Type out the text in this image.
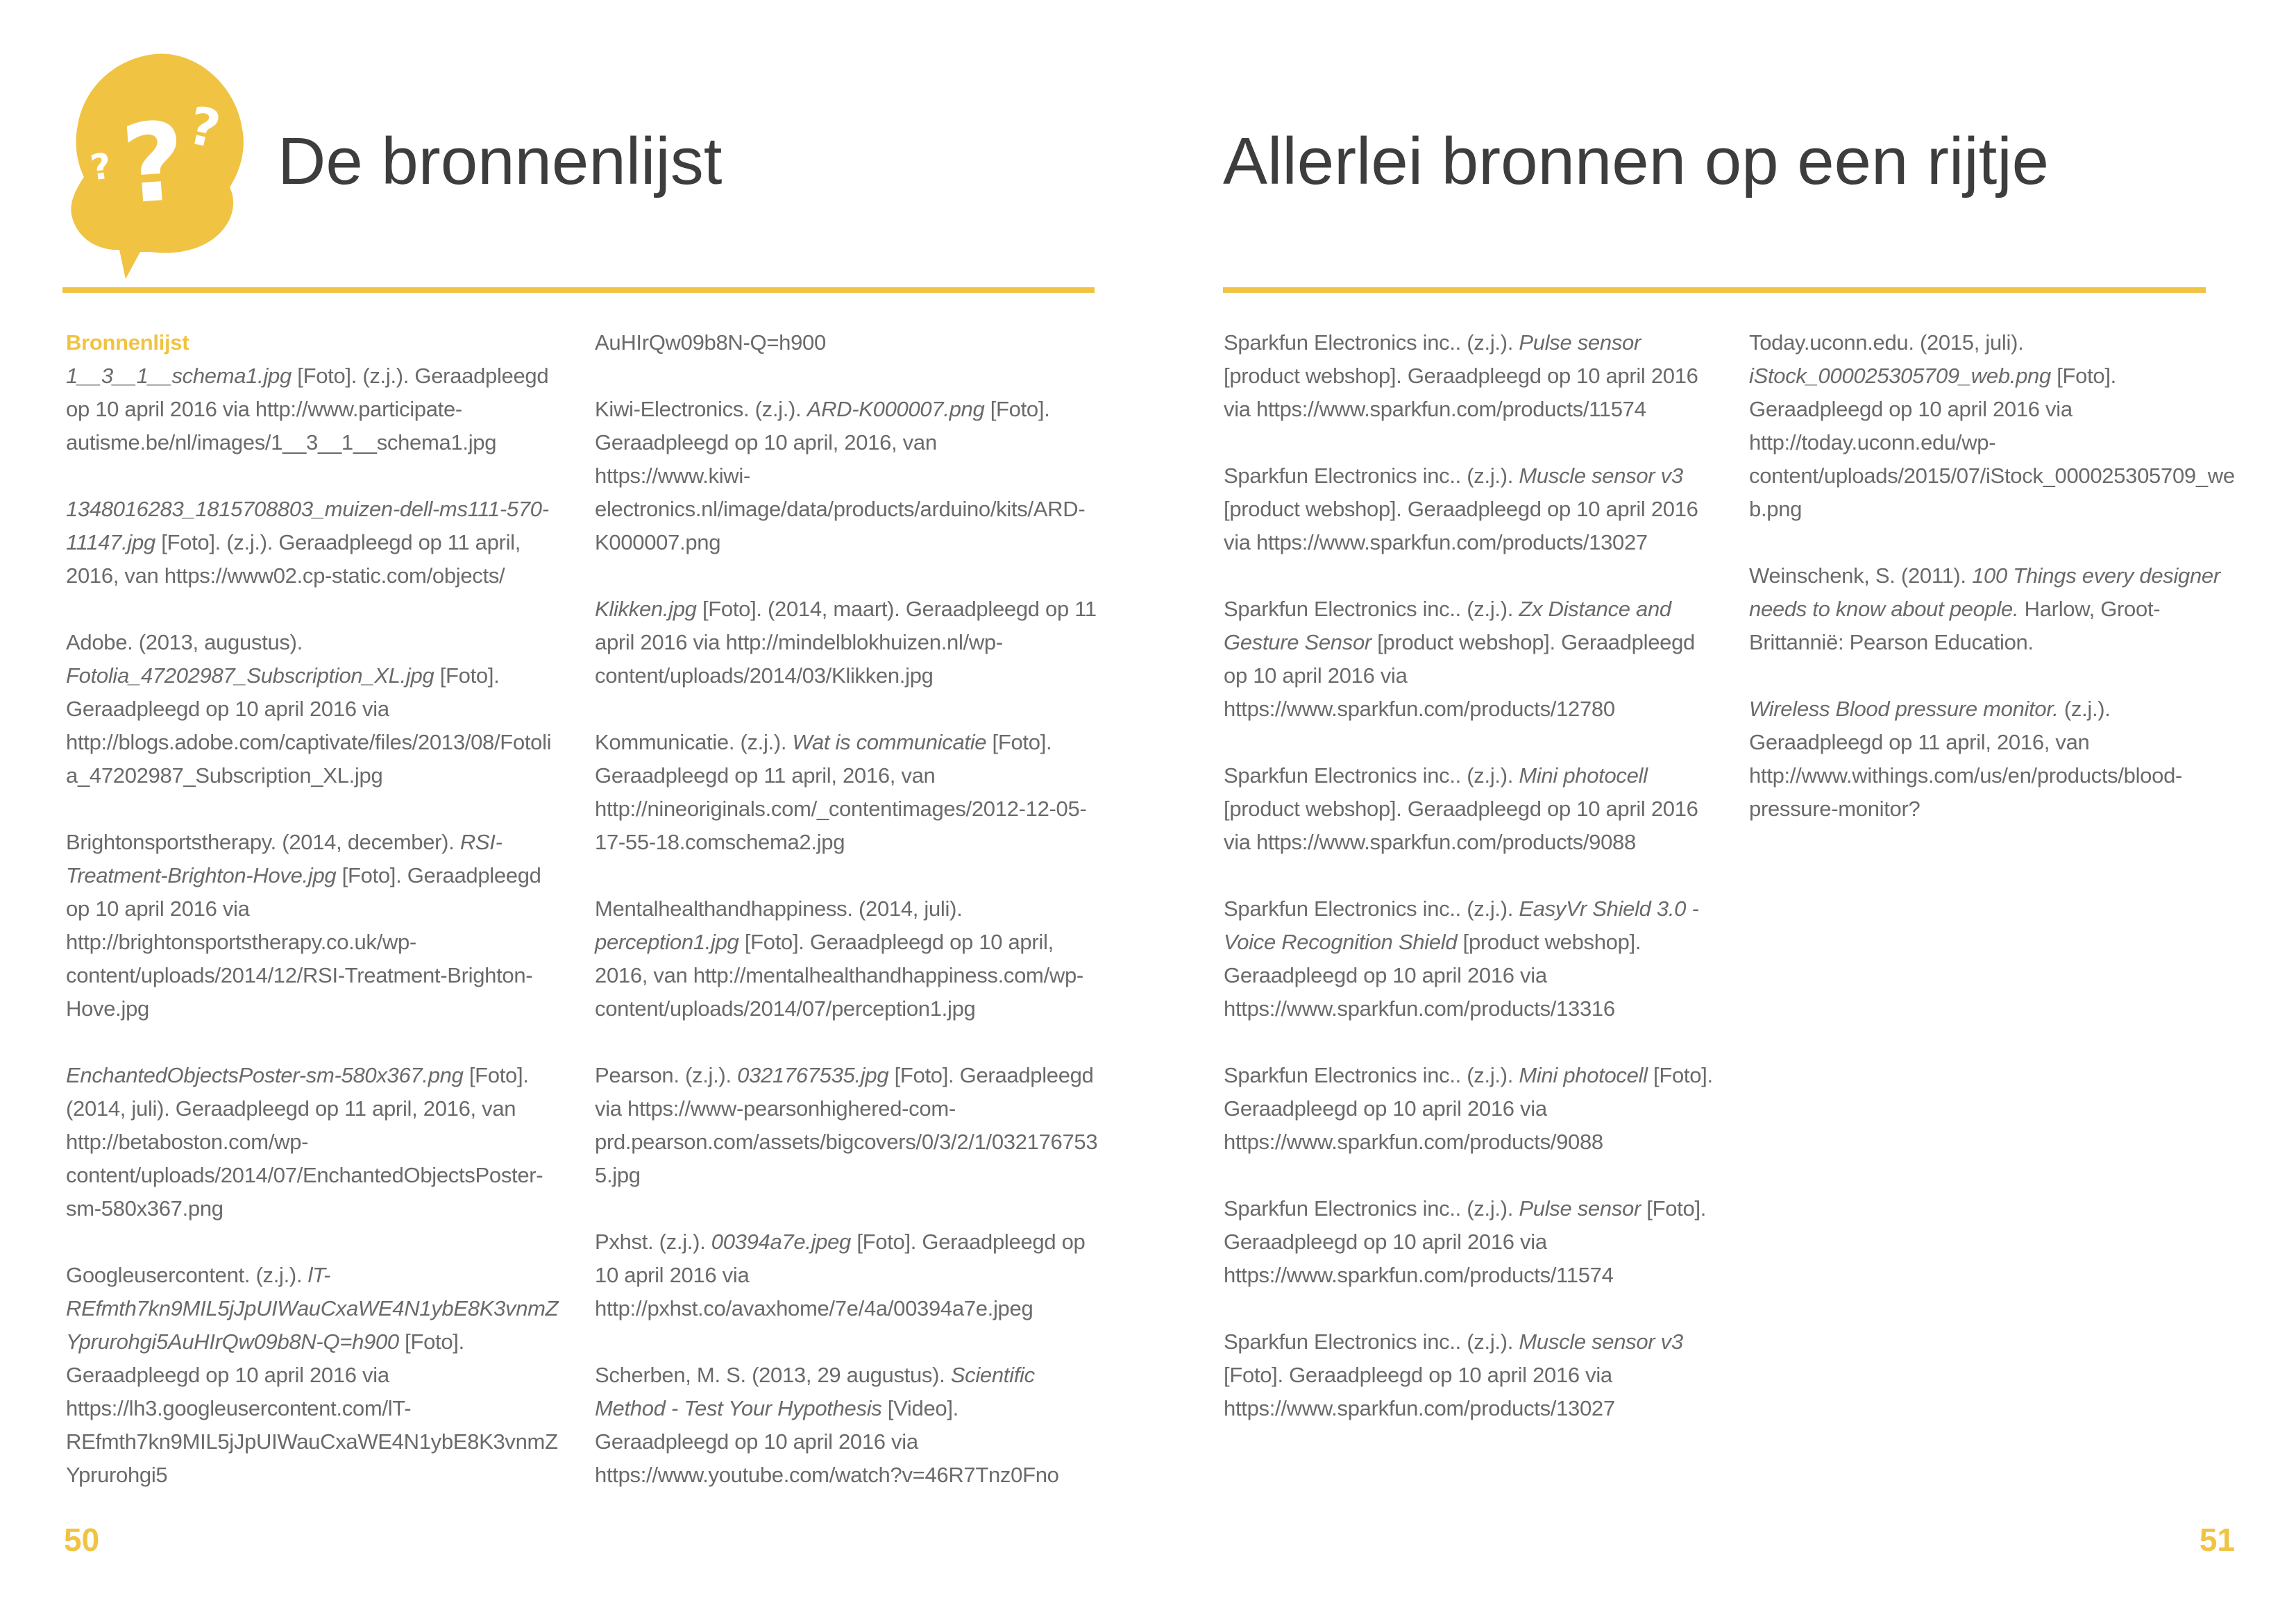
?
?
? De bronnenlijst

Bronnenlijst

1__3__1__schema1.jpg [Foto]. (z.j.). Geraadpleegd op 10 april 2016 via http://www.participate-autisme.be/nl/images/1__3__1__schema1.jpg

1348016283_1815708803_muizen-dell-ms111-570-11147.jpg [Foto]. (z.j.). Geraadpleegd op 11 april, 2016, van https://www02.cp-static.com/objects/

Adobe. (2013, augustus). Fotolia_47202987_Subscription_XL.jpg [Foto]. Geraadpleegd op 10 april 2016 via http://blogs.adobe.com/captivate/files/2013/08/Fotolia_47202987_Subscription_XL.jpg

Brightonsportstherapy. (2014, december). RSI-Treatment-Brighton-Hove.jpg [Foto]. Geraadpleegd op 10 april 2016 via http://brightonsportstherapy.co.uk/wp-content/uploads/2014/12/RSI-Treatment-Brighton-Hove.jpg

EnchantedObjectsPoster-sm-580x367.png [Foto]. (2014, juli). Geraadpleegd op 11 april, 2016, van http://betaboston.com/wp-content/uploads/2014/07/EnchantedObjectsPoster-sm-580x367.png

Googleusercontent. (z.j.). lT-REfmth7kn9MIL5jJpUIWauCxaWE4N1ybE8K3vnmZYprurohgi5AuHIrQw09b8N-Q=h900 [Foto]. Geraadpleegd op 10 april 2016 via https://lh3.googleusercontent.com/lT-REfmth7kn9MIL5jJpUIWauCxaWE4N1ybE8K3vnmZYprurohgi5

AuHIrQw09b8N-Q=h900

Kiwi-Electronics. (z.j.). ARD-K000007.png [Foto]. Geraadpleegd op 10 april, 2016, van https://www.kiwi-electronics.nl/image/data/products/arduino/kits/ARD-K000007.png

Klikken.jpg [Foto]. (2014, maart). Geraadpleegd op 11 april 2016 via http://mindelblokhuizen.nl/wp-content/uploads/2014/03/Klikken.jpg

Kommunicatie. (z.j.). Wat is communicatie [Foto]. Geraadpleegd op 11 april, 2016, van http://nineoriginals.com/_contentimages/2012-12-05-17-55-18.comschema2.jpg

Mentalhealthandhappiness. (2014, juli). perception1.jpg [Foto]. Geraadpleegd op 10 april, 2016, van http://mentalhealthandhappiness.com/wp-content/uploads/2014/07/perception1.jpg

Pearson. (z.j.). 0321767535.jpg [Foto]. Geraadpleegd via https://www-pearsonhighered-com-prd.pearson.com/assets/bigcovers/0/3/2/1/0321767535.jpg

Pxhst. (z.j.). 00394a7e.jpeg [Foto]. Geraadpleegd op 10 april 2016 via http://pxhst.co/avaxhome/7e/4a/00394a7e.jpeg

Scherben, M. S. (2013, 29 augustus). Scientific Method - Test Your Hypothesis [Video]. Geraadpleegd op 10 april 2016 via https://www.youtube.com/watch?v=46R7Tnz0Fno

50
Allerlei bronnen op een rijtje

Sparkfun Electronics inc.. (z.j.). Pulse sensor [product webshop]. Geraadpleegd op 10 april 2016 via https://www.sparkfun.com/products/11574

Sparkfun Electronics inc.. (z.j.). Muscle sensor v3 [product webshop]. Geraadpleegd op 10 april 2016 via https://www.sparkfun.com/products/13027

Sparkfun Electronics inc.. (z.j.). Zx Distance and Gesture Sensor [product webshop]. Geraadpleegd op 10 april 2016 via https://www.sparkfun.com/products/12780

Sparkfun Electronics inc.. (z.j.). Mini photocell [product webshop]. Geraadpleegd op 10 april 2016 via https://www.sparkfun.com/products/9088

Sparkfun Electronics inc.. (z.j.). EasyVr Shield 3.0 - Voice Recognition Shield [product webshop]. Geraadpleegd op 10 april 2016 via https://www.sparkfun.com/products/13316

Sparkfun Electronics inc.. (z.j.). Mini photocell [Foto]. Geraadpleegd op 10 april 2016 via https://www.sparkfun.com/products/9088

Sparkfun Electronics inc.. (z.j.). Pulse sensor [Foto]. Geraadpleegd op 10 april 2016 via https://www.sparkfun.com/products/11574

Sparkfun Electronics inc.. (z.j.). Muscle sensor v3 [Foto]. Geraadpleegd op 10 april 2016 via https://www.sparkfun.com/products/13027

Today.uconn.edu. (2015, juli). iStock_000025305709_web.png [Foto]. Geraadpleegd op 10 april 2016 via http://today.uconn.edu/wp-content/uploads/2015/07/iStock_000025305709_web.png

Weinschenk, S. (2011). 100 Things every designer needs to know about people. Harlow, Groot-Brittannië: Pearson Education.

Wireless Blood pressure monitor. (z.j.). Geraadpleegd op 11 april, 2016, van http://www.withings.com/us/en/products/blood-pressure-monitor?

51
